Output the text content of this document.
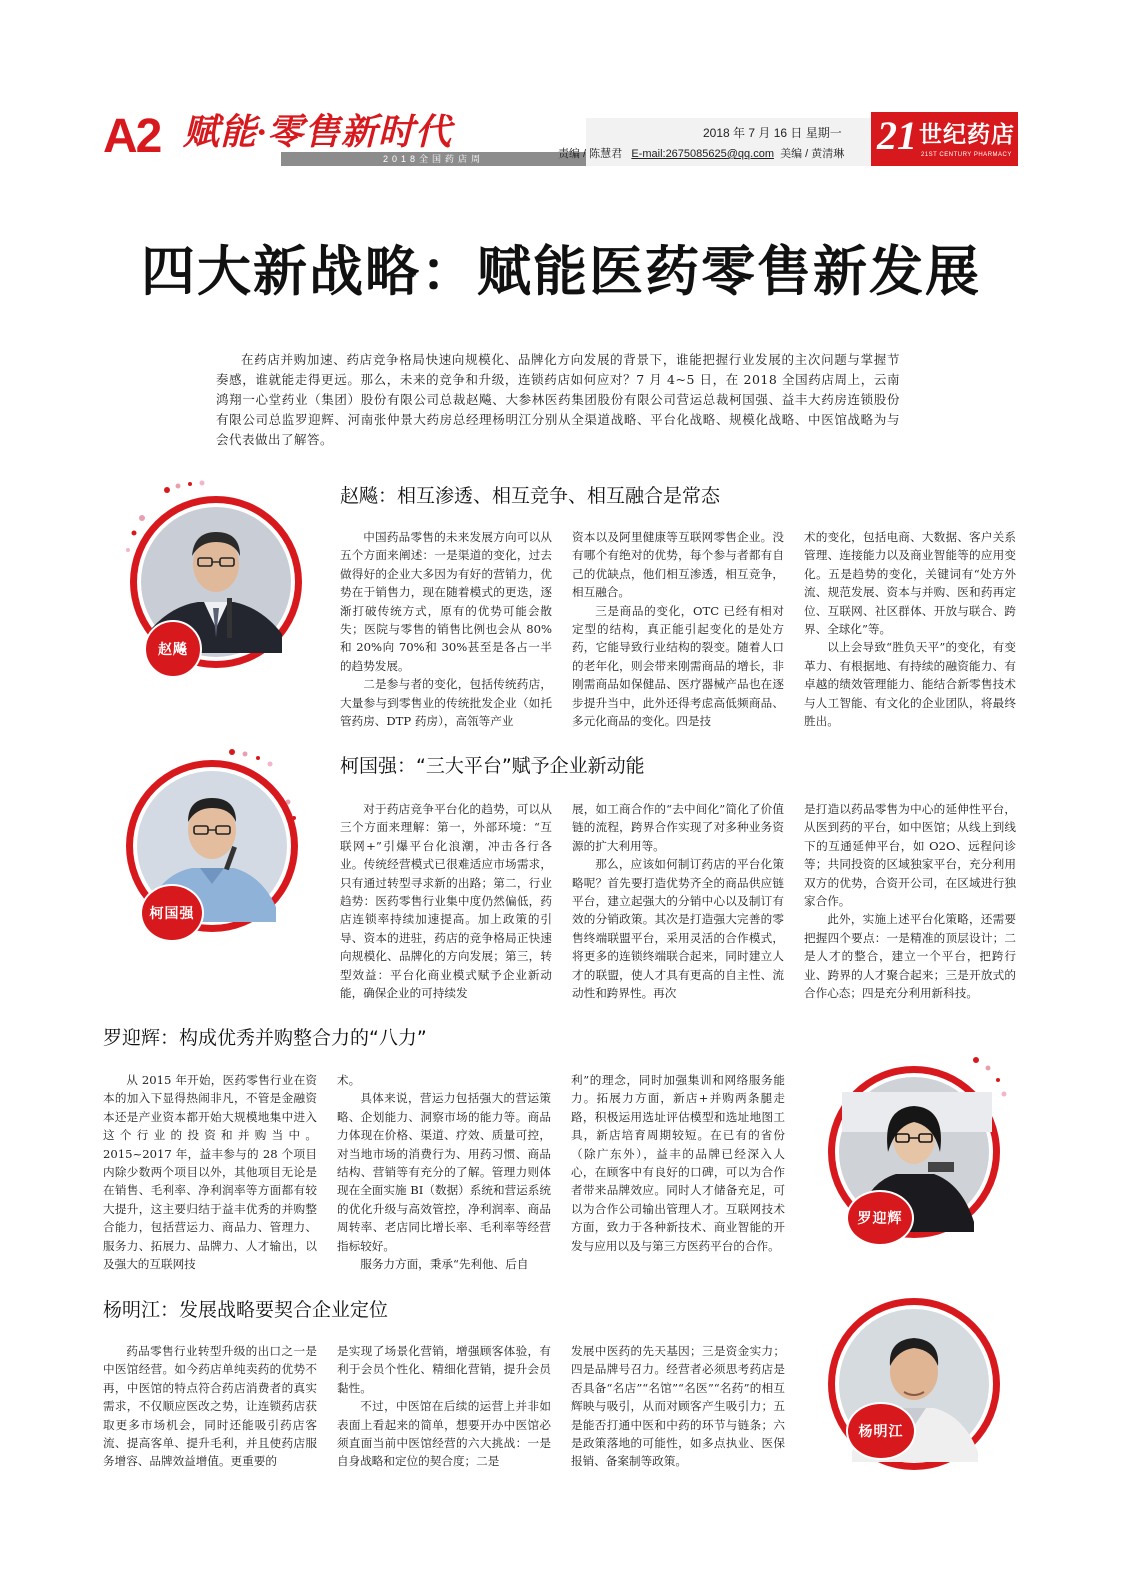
A2 赋能·零售新时代
2018全国药店周
2018 年 7 月 16 日 星期一
责编 / 陈慧君 E-mail:2675085625@qq.com 美编 / 黄清琳 21 世纪药店
21ST CENTURY PHARMACY
四大新战略：赋能医药零售新发展

在药店并购加速、药店竞争格局快速向规模化、品牌化方向发展的背景下，谁能把握行业发展的主次问题与掌握节奏感，谁就能走得更远。那么，未来的竞争和升级，连锁药店如何应对？7 月 4~5 日，在 2018 全国药店周上，云南鸿翔一心堂药业（集团）股份有限公司总裁赵飚、大参林医药集团股份有限公司营运总裁柯国强、益丰大药房连锁股份有限公司总监罗迎辉、河南张仲景大药房总经理杨明江分别从全渠道战略、平台化战略、规模化战略、中医馆战略为与会代表做出了解答。

赵飚
赵飚：相互渗透、相互竞争、相互融合是常态

中国药品零售的未来发展方向可以从五个方面来阐述：一是渠道的变化，过去做得好的企业大多因为有好的营销力，优势在于销售力，现在随着模式的更迭，逐渐打破传统方式，原有的优势可能会散失；医院与零售的销售比例也会从 80%和 20%向 70%和 30%甚至是各占一半的趋势发展。

二是参与者的变化，包括传统药店，大量参与到零售业的传统批发企业（如托管药房、DTP 药房），高瓴等产业

资本以及阿里健康等互联网零售企业。没有哪个有绝对的优势，每个参与者都有自己的优缺点，他们相互渗透，相互竞争，相互融合。

三是商品的变化，OTC 已经有相对定型的结构，真正能引起变化的是处方药，它能导致行业结构的裂变。随着人口的老年化，则会带来刚需商品的增长，非刚需商品如保健品、医疗器械产品也在逐步提升当中，此外还得考虑高低频商品、多元化商品的变化。四是技

术的变化，包括电商、大数据、客户关系管理、连接能力以及商业智能等的应用变化。五是趋势的变化，关键词有“处方外流、规范发展、资本与并购、医和药再定位、互联网、社区群体、开放与联合、跨界、全球化”等。

以上会导致“胜负天平”的变化，有变革力、有根据地、有持续的融资能力、有卓越的绩效管理能力、能结合新零售技术与人工智能、有文化的企业团队，将最终胜出。

柯国强
柯国强：“三大平台”赋予企业新动能

对于药店竞争平台化的趋势，可以从三个方面来理解：第一，外部环境：“互联网+”引爆平台化浪潮，冲击各行各业。传统经营模式已很难适应市场需求，只有通过转型寻求新的出路；第二，行业趋势：医药零售行业集中度仍然偏低，药店连锁率持续加速提高。加上政策的引导、资本的进驻，药店的竞争格局正快速向规模化、品牌化的方向发展；第三，转型效益：平台化商业模式赋予企业新动能，确保企业的可持续发

展，如工商合作的“去中间化”简化了价值链的流程，跨界合作实现了对多种业务资源的扩大利用等。

那么，应该如何制订药店的平台化策略呢？首先要打造优势齐全的商品供应链平台，建立起强大的分销中心以及制订有效的分销政策。其次是打造强大完善的零售终端联盟平台，采用灵活的合作模式，将更多的连锁终端联合起来，同时建立人才的联盟，使人才具有更高的自主性、流动性和跨界性。再次

是打造以药品零售为中心的延伸性平台，从医到药的平台，如中医馆；从线上到线下的互通延伸平台，如 O2O、远程问诊等；共同投资的区域独家平台，充分利用双方的优势，合资开公司，在区域进行独家合作。

此外，实施上述平台化策略，还需要把握四个要点：一是精准的顶层设计；二是人才的整合，建立一个平台，把跨行业、跨界的人才聚合起来；三是开放式的合作心态；四是充分利用新科技。

罗迎辉：构成优秀并购整合力的“八力”

从 2015 年开始，医药零售行业在资本的加入下显得热闹非凡，不管是金融资本还是产业资本都开始大规模地集中进入这个行业的投资和并购当中。2015~2017 年，益丰参与的 28 个项目内除少数两个项目以外，其他项目无论是在销售、毛利率、净利润率等方面都有较大提升，这主要归结于益丰优秀的并购整合能力，包括营运力、商品力、管理力、服务力、拓展力、品牌力、人才输出，以及强大的互联网技

术。

具体来说，营运力包括强大的营运策略、企划能力、洞察市场的能力等。商品力体现在价格、渠道、疗效、质量可控，对当地市场的消费行为、用药习惯、商品结构、营销等有充分的了解。管理力则体现在全面实施 BI（数据）系统和营运系统的优化升级与高效管控，净利润率、商品周转率、老店同比增长率、毛利率等经营指标较好。

服务力方面，秉承“先利他、后自

利”的理念，同时加强集训和网络服务能力。拓展力方面，新店+并购两条腿走路，积极运用选址评估模型和选址地图工具，新店培育周期较短。在已有的省份（除广东外），益丰的品牌已经深入人心，在顾客中有良好的口碑，可以为合作者带来品牌效应。同时人才储备充足，可以为合作公司输出管理人才。互联网技术方面，致力于各种新技术、商业智能的开发与应用以及与第三方医药平台的合作。

罗迎辉
杨明江：发展战略要契合企业定位

药品零售行业转型升级的出口之一是中医馆经营。如今药店单纯卖药的优势不再，中医馆的特点符合药店消费者的真实需求，不仅顺应医改之势，让连锁药店获取更多市场机会，同时还能吸引药店客流、提高客单、提升毛利，并且使药店服务增容、品牌效益增值。更重要的

是实现了场景化营销，增强顾客体验，有利于会员个性化、精细化营销，提升会员黏性。

不过，中医馆在后续的运营上并非如表面上看起来的简单，想要开办中医馆必须直面当前中医馆经营的六大挑战：一是自身战略和定位的契合度；二是

发展中医药的先天基因；三是资金实力；四是品牌号召力。经营者必须思考药店是否具备“名店”“名馆”“名医”“名药”的相互辉映与吸引，从而对顾客产生吸引力；五是能否打通中医和中药的环节与链条；六是政策落地的可能性，如多点执业、医保报销、备案制等政策。

杨明江
